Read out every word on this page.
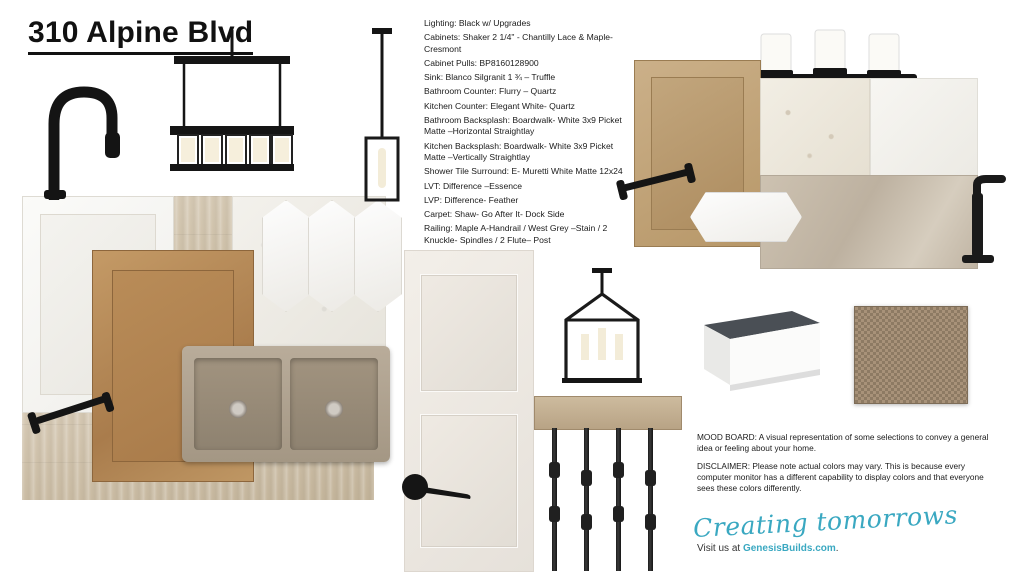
310 Alpine Blvd	Lighting: Black w/ Upgrades
Cabinets: Shaker 2 1/4" - Chantilly Lace & Maple- Cresmont
Cabinet Pulls: BP8160128900
Sink: Blanco Silgranit 1 ¾ – Truffle
Bathroom Counter: Flurry – Quartz
Kitchen Counter: Elegant White- Quartz
Bathroom Backsplash: Boardwalk- White 3x9 Picket Matte –Horizontal Straightlay
Kitchen Backsplash: Boardwalk- White 3x9 Picket Matte –Vertically Straightlay
Shower Tile Surround: E- Muretti White Matte 12x24
LVT: Difference –Essence
LVP: Difference- Feather
Carpet: Shaw- Go After It- Dock Side
Railing: Maple A-Handrail / West Grey –Stain / 2 Knuckle- Spindles / 2 Flute– Post
MOOD BOARD: A visual representation of some selections to convey a general idea or feeling about your home.
DISCLAIMER: Please note actual colors may vary. This is because every computer monitor has a different capability to display colors and that everyone sees these colors differently.
Creating tomorrows
Visit us at GenesisBuilds.com.
